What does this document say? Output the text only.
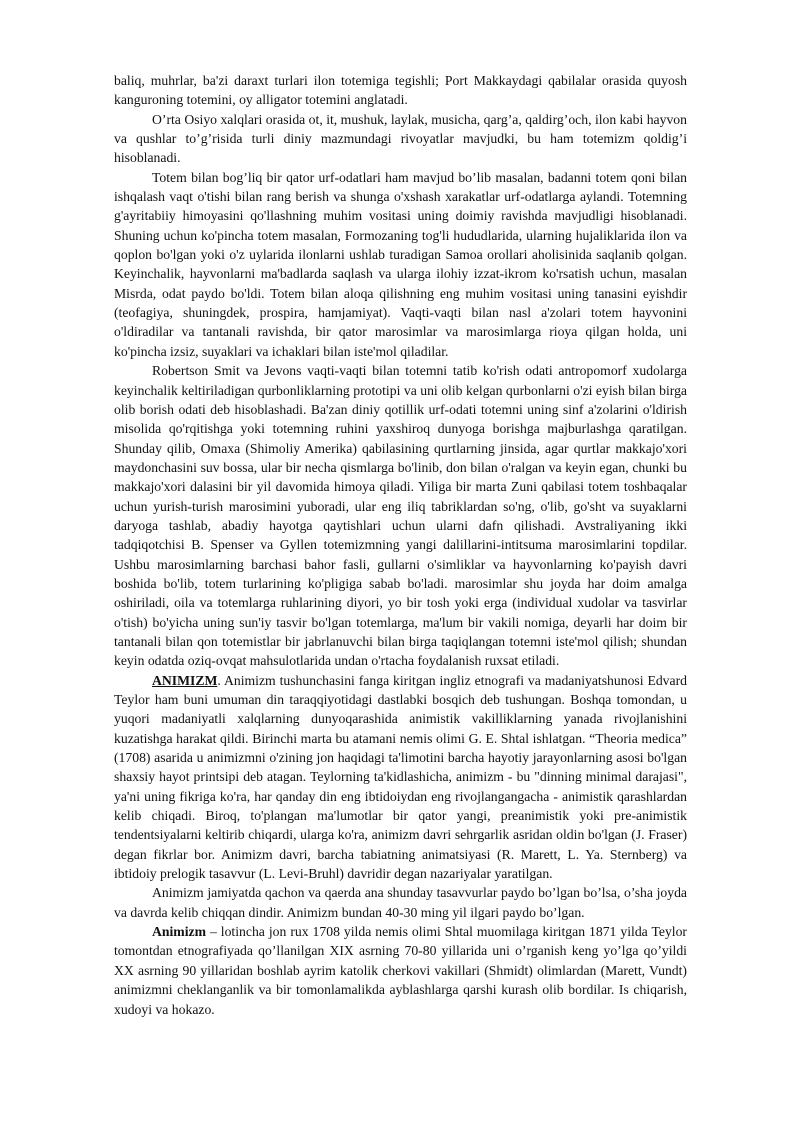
baliq, muhrlar, ba'zi daraxt turlari ilon totemiga tegishli; Port Makkaydagi qabilalar orasida quyosh kanguroning totemini, oy alligator totemini anglatadi.

O’rta Osiyo xalqlari orasida ot, it, mushuk, laylak, musicha, qarg’a, qaldirg’och, ilon kabi hayvon va qushlar to’g’risida turli diniy mazmundagi rivoyatlar mavjudki, bu ham totemizm qoldig’i hisoblanadi.

Totem bilan bog’liq bir qator urf-odatlari ham mavjud bo’lib masalan, badanni totem qoni bilan ishqalash vaqt o'tishi bilan rang berish va shunga o'xshash xarakatlar urf-odatlarga aylandi. Totemning g'ayritabiiy himoyasini qo'llashning muhim vositasi uning doimiy ravishda mavjudligi hisoblanadi. Shuning uchun ko'pincha totem masalan, Formozaning tog'li hududlarida, ularning hujaliklarida ilon va qoplon bo'lgan yoki o'z uylarida ilonlarni ushlab turadigan Samoa orollari aholisinida saqlanib qolgan. Keyinchalik, hayvonlarni ma'badlarda saqlash va ularga ilohiy izzat-ikrom ko'rsatish uchun, masalan Misrda, odat paydo bo'ldi. Totem bilan aloqa qilishning eng muhim vositasi uning tanasini eyishdir (teofagiya, shuningdek, prospira, hamjamiyat). Vaqti-vaqti bilan nasl a'zolari totem hayvonini o'ldiradilar va tantanali ravishda, bir qator marosimlar va marosimlarga rioya qilgan holda, uni ko'pincha izsiz, suyaklari va ichaklari bilan iste'mol qiladilar.

Robertson Smit va Jevons vaqti-vaqti bilan totemni tatib ko'rish odati antropomorf xudolarga keyinchalik keltiriladigan qurbonliklarning prototipi va uni olib kelgan qurbonlarni o'zi eyish bilan birga olib borish odati deb hisoblashadi. Ba'zan diniy qotillik urf-odati totemni uning sinf a'zolarini o'ldirish misolida qo'rqitishga yoki totemning ruhini yaxshiroq dunyoga borishga majburlashga qaratilgan. Shunday qilib, Omaxa (Shimoliy Amerika) qabilasining qurtlarning jinsida, agar qurtlar makkajo'xori maydonchasini suv bossa, ular bir necha qismlarga bo'linib, don bilan o'ralgan va keyin egan, chunki bu makkajo'xori dalasini bir yil davomida himoya qiladi. Yiliga bir marta Zuni qabilasi totem toshbaqalar uchun yurish-turish marosimini yuboradi, ular eng iliq tabriklardan so'ng, o'lib, go'sht va suyaklarni daryoga tashlab, abadiy hayotga qaytishlari uchun ularni dafn qilishadi. Avstraliyaning ikki tadqiqotchisi B. Spenser va Gyllen totemizmning yangi dalillarini-intitsuma marosimlarini topdilar. Ushbu marosimlarning barchasi bahor fasli, gullarni o'simliklar va hayvonlarning ko'payish davri boshida bo'lib, totem turlarining ko'pligiga sabab bo'ladi. marosimlar shu joyda har doim amalga oshiriladi, oila va totemlarga ruhlarining diyori, yo bir tosh yoki erga (individual xudolar va tasvirlar o'tish) bo'yicha uning sun'iy tasvir bo'lgan totemlarga, ma'lum bir vakili nomiga, deyarli har doim bir tantanali bilan qon totemistlar bir jabrlanuvchi bilan birga taqiqlangan totemni iste'mol qilish; shundan keyin odatda oziq-ovqat mahsulotlarida undan o'rtacha foydalanish ruxsat etiladi.

ANIMIZM. Animizm tushunchasini fanga kiritgan ingliz etnografi va madaniyatshunosi Edvard Teylor ham buni umuman din taraqqiyotidagi dastlabki bosqich deb tushungan. Boshqa tomondan, u yuqori madaniyatli xalqlarning dunyoqarashida animistik vakilliklarning yanada rivojlanishini kuzatishga harakat qildi. Birinchi marta bu atamani nemis olimi G. E. Shtal ishlatgan. “Theoria medica” (1708) asarida u animizmni o'zining jon haqidagi ta'limotini barcha hayotiy jarayonlarning asosi bo'lgan shaxsiy hayot printsipi deb atagan. Teylorning ta'kidlashicha, animizm - bu "dinning minimal darajasi", ya'ni uning fikriga ko'ra, har qanday din eng ibtidoiydan eng rivojlangangacha - animistik qarashlardan kelib chiqadi. Biroq, to'plangan ma'lumotlar bir qator yangi, preanimistik yoki pre-animistik tendentsiyalarni keltirib chiqardi, ularga ko'ra, animizm davri sehrgarlik asridan oldin bo'lgan (J. Fraser) degan fikrlar bor. Animizm davri, barcha tabiatning animatsiyasi (R. Marett, L. Ya. Sternberg) va ibtidoiy prelogik tasavvur (L. Levi-Bruhl) davridir degan nazariyalar yaratilgan.

Animizm jamiyatda qachon va qaerda ana shunday tasavvurlar paydo bo’lgan bo’lsa, o’sha joyda va davrda kelib chiqqan dindir. Animizm bundan 40-30 ming yil ilgari paydo bo’lgan.

Animizm – lotincha jon rux 1708 yilda nemis olimi Shtal muomilaga kiritgan 1871 yilda Teylor tomontdan etnografiyada qo’llanilgan XIX asrning 70-80 yillarida uni o’rganish keng yo’lga qo’yildi XX asrning 90 yillaridan boshlab ayrim katolik cherkovi vakillari (Shmidt) olimlardan (Marett, Vundt) animizmni cheklanganlik va bir tomonlamalikda ayblashlarga qarshi kurash olib bordilar. Is chiqarish, xudoyi va hokazo.
